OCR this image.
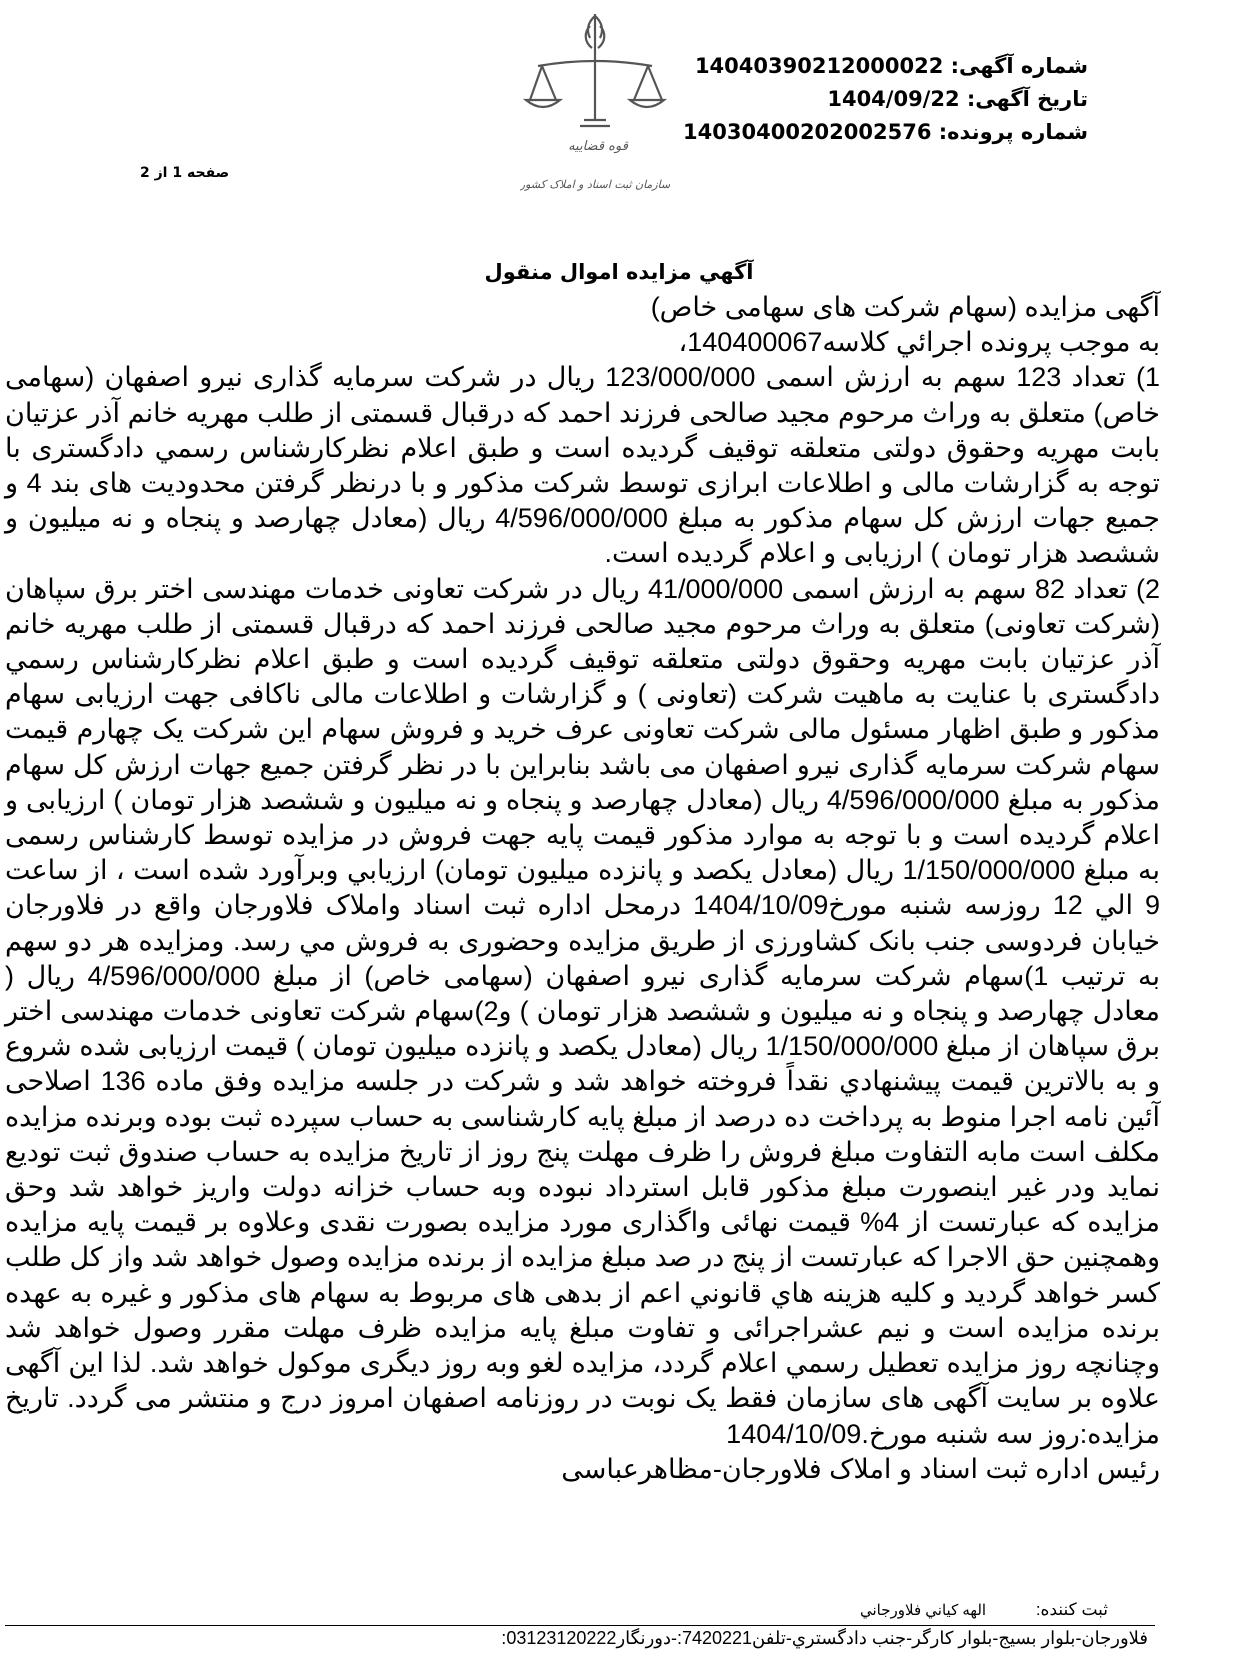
شماره آگهی: 14040390212000022
تاریخ آگهی: 1404/09/22
شماره پرونده: 14030400202002576
قوه قضاییه
سازمان ثبت اسناد و املاک کشور
صفحه 1 از 2
آگهي مزايده اموال منقول

آگهی مزایده (سهام شرکت های سهامی خاص)

به موجب پرونده اجرائي كلاسه140400067،

1) تعداد 123 سهم به ارزش اسمی 123/000/000 ریال در شرکت سرمایه گذاری نیرو اصفهان (سهامی خاص) متعلق به وراث مرحوم مجید صالحی فرزند احمد که درقبال قسمتی از طلب مهریه خانم آذر عزتیان بابت مهریه وحقوق دولتی متعلقه توقیف گردیده است و طبق اعلام نظرکارشناس رسمي دادگستری با توجه به گزارشات مالی و اطلاعات ابرازی توسط شرکت مذکور و با درنظر گرفتن محدودیت های بند 4 و جمیع جهات ارزش کل سهام مذکور به مبلغ 4/596/000/000 ریال (معادل چهارصد و پنجاه و نه میلیون و ششصد هزار تومان ) ارزیابی و اعلام گردیده است.

2) تعداد 82 سهم به ارزش اسمی 41/000/000 ریال در شرکت تعاونی خدمات مهندسی اختر برق سپاهان (شرکت تعاونی) متعلق به وراث مرحوم مجید صالحی فرزند احمد که درقبال قسمتی از طلب مهریه خانم آذر عزتیان بابت مهریه وحقوق دولتی متعلقه توقیف گردیده است و طبق اعلام نظرکارشناس رسمي دادگستری با عنایت به ماهیت شرکت (تعاونی ) و گزارشات و اطلاعات مالی ناکافی جهت ارزیابی سهام مذکور و طبق اظهار مسئول مالی شرکت تعاونی عرف خرید و فروش سهام این شرکت یک چهارم قیمت سهام شرکت سرمایه گذاری نیرو اصفهان می باشد بنابراین با در نظر گرفتن جمیع جهات ارزش کل سهام مذکور به مبلغ 4/596/000/000 ریال (معادل چهارصد و پنجاه و نه میلیون و ششصد هزار تومان ) ارزیابی و اعلام گردیده است و با توجه به موارد مذکور قیمت پایه جهت فروش در مزایده توسط کارشناس رسمی به مبلغ 1/150/000/000 ریال (معادل یکصد و پانزده میلیون تومان) ارزيابي وبرآورد شده است ، از ساعت 9 الي 12 روزسه شنبه مورخ1404/10/09 درمحل اداره ثبت اسناد واملاک فلاورجان واقع در فلاورجان خیابان فردوسی جنب بانک کشاورزی از طريق مزايده وحضوری به فروش مي رسد. ومزایده هر دو سهم به ترتیب 1)سهام شرکت سرمایه گذاری نیرو اصفهان (سهامی خاص) از مبلغ 4/596/000/000 ریال ( معادل چهارصد و پنجاه و نه میلیون و ششصد هزار تومان ) و2)سهام شرکت تعاونی خدمات مهندسی اختر برق سپاهان از مبلغ 1/150/000/000 ریال (معادل یکصد و پانزده میلیون تومان ) قیمت ارزیابی شده شروع و به بالاترين قيمت پيشنهادي نقداً فروخته خواهد شد و شرکت در جلسه مزایده وفق ماده 136 اصلاحی آئین نامه اجرا منوط به پرداخت ده درصد از مبلغ پایه کارشناسی به حساب سپرده ثبت بوده وبرنده مزایده مکلف است مابه التفاوت مبلغ فروش را ظرف مهلت پنج روز از تاریخ مزایده به حساب صندوق ثبت تودیع نماید ودر غیر اینصورت مبلغ مذکور قابل استرداد نبوده وبه حساب خزانه دولت واریز خواهد شد وحق مزایده که عبارتست از 4% قیمت نهائی واگذاری مورد مزایده بصورت نقدی وعلاوه بر قیمت پایه مزایده وهمچنین حق الاجرا که عبارتست از پنج در صد مبلغ مزایده از برنده مزایده وصول خواهد شد واز کل طلب کسر خواهد گردید و کلیه هزینه هاي قانوني اعم از بدهی های مربوط به سهام های مذکور و غیره به عهده برنده مزایده است و نیم عشراجرائی و تفاوت مبلغ پایه مزایده ظرف مهلت مقرر وصول خواهد شد وچنانچه روز مزایده تعطیل رسمي اعلام گردد، مزایده لغو وبه روز دیگری موکول خواهد شد. لذا این آگهی علاوه بر سایت آگهی های سازمان فقط یک نوبت در روزنامه اصفهان امروز درج و منتشر می گردد. تاریخ مزایده:روز سه شنبه مورخ.1404/10/09

رئیس اداره ثبت اسناد و املاک فلاورجان-مظاهرعباسی

ثبت کننده: الهه كياني فلاورجاني
فلاورجان-بلوار بسيج-بلوار كارگر-جنب دادگستري-تلفن7420221:-دورنگار03123120222:
